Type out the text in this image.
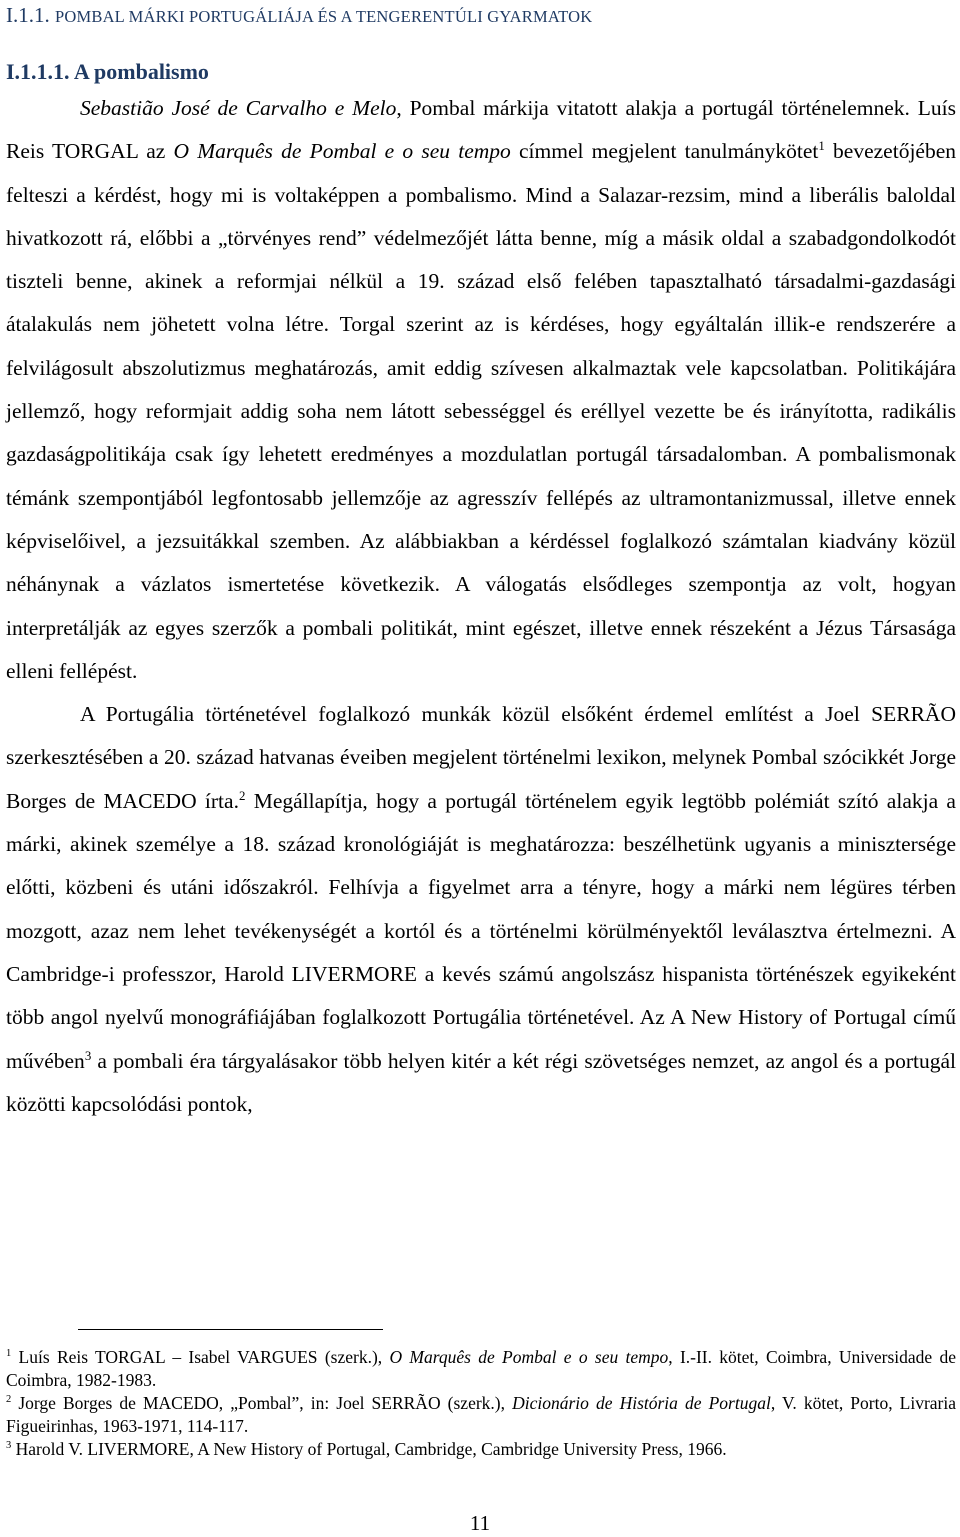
I.1.1. POMBAL MÁRKI PORTUGÁLIÁJA ÉS A TENGERENTÚLI GYARMATOK
I.1.1.1. A pombalismo

Sebastião José de Carvalho e Melo, Pombal márkija vitatott alakja a portugál történelemnek. Luís Reis TORGAL az O Marquês de Pombal e o seu tempo címmel megjelent tanulmánykötet$^1$ bevezetőjében felteszi a kérdést, hogy mi is voltaképpen a pombalismo. Mind a Salazar-rezsim, mind a liberális baloldal hivatkozott rá, előbbi a „törvényes rend” védelmezőjét látta benne, míg a másik oldal a szabadgondolkodót tiszteli benne, akinek a reformjai nélkül a 19. század első felében tapasztalható társadalmi-gazdasági átalakulás nem jöhetett volna létre. Torgal szerint az is kérdéses, hogy egyáltalán illik-e rendszerére a felvilágosult abszolutizmus meghatározás, amit eddig szívesen alkalmaztak vele kapcsolatban. Politikájára jellemző, hogy reformjait addig soha nem látott sebességgel és eréllyel vezette be és irányította, radikális gazdaságpolitikája csak így lehetett eredményes a mozdulatlan portugál társadalomban. A pombalismonak témánk szempontjából legfontosabb jellemzője az agresszív fellépés az ultramontanizmussal, illetve ennek képviselőivel, a jezsuitákkal szemben. Az alábbiakban a kérdéssel foglalkozó számtalan kiadvány közül néhánynak a vázlatos ismertetése következik. A válogatás elsődleges szempontja az volt, hogyan interpretálják az egyes szerzők a pombali politikát, mint egészet, illetve ennek részeként a Jézus Társasága elleni fellépést.

A Portugália történetével foglalkozó munkák közül elsőként érdemel említést a Joel SERRÃO szerkesztésében a 20. század hatvanas éveiben megjelent történelmi lexikon, melynek Pombal szócikkét Jorge Borges de MACEDO írta.$^2$ Megállapítja, hogy a portugál történelem egyik legtöbb polémiát szító alakja a márki, akinek személye a 18. század kronológiáját is meghatározza: beszélhetünk ugyanis a minisztersége előtti, közbeni és utáni időszakról. Felhívja a figyelmet arra a tényre, hogy a márki nem légüres térben mozgott, azaz nem lehet tevékenységét a kortól és a történelmi körülményektől leválasztva értelmezni. A Cambridge-i professzor, Harold LIVERMORE a kevés számú angolszász hispanista történészek egyikeként több angol nyelvű monográfiájában foglalkozott Portugália történetével. Az A New History of Portugal című művében$^3$ a pombali éra tárgyalásakor több helyen kitér a két régi szövetséges nemzet, az angol és a portugál közötti kapcsolódási pontok,

$^1$ Luís Reis TORGAL – Isabel VARGUES (szerk.), O Marquês de Pombal e o seu tempo, I.-II. kötet, Coimbra, Universidade de Coimbra, 1982-1983.

$^2$ Jorge Borges de MACEDO, „Pombal”, in: Joel SERRÃO (szerk.), Dicionário de História de Portugal, V. kötet, Porto, Livraria Figueirinhas, 1963-1971, 114-117.

$^3$ Harold V. LIVERMORE, A New History of Portugal, Cambridge, Cambridge University Press, 1966.

11
